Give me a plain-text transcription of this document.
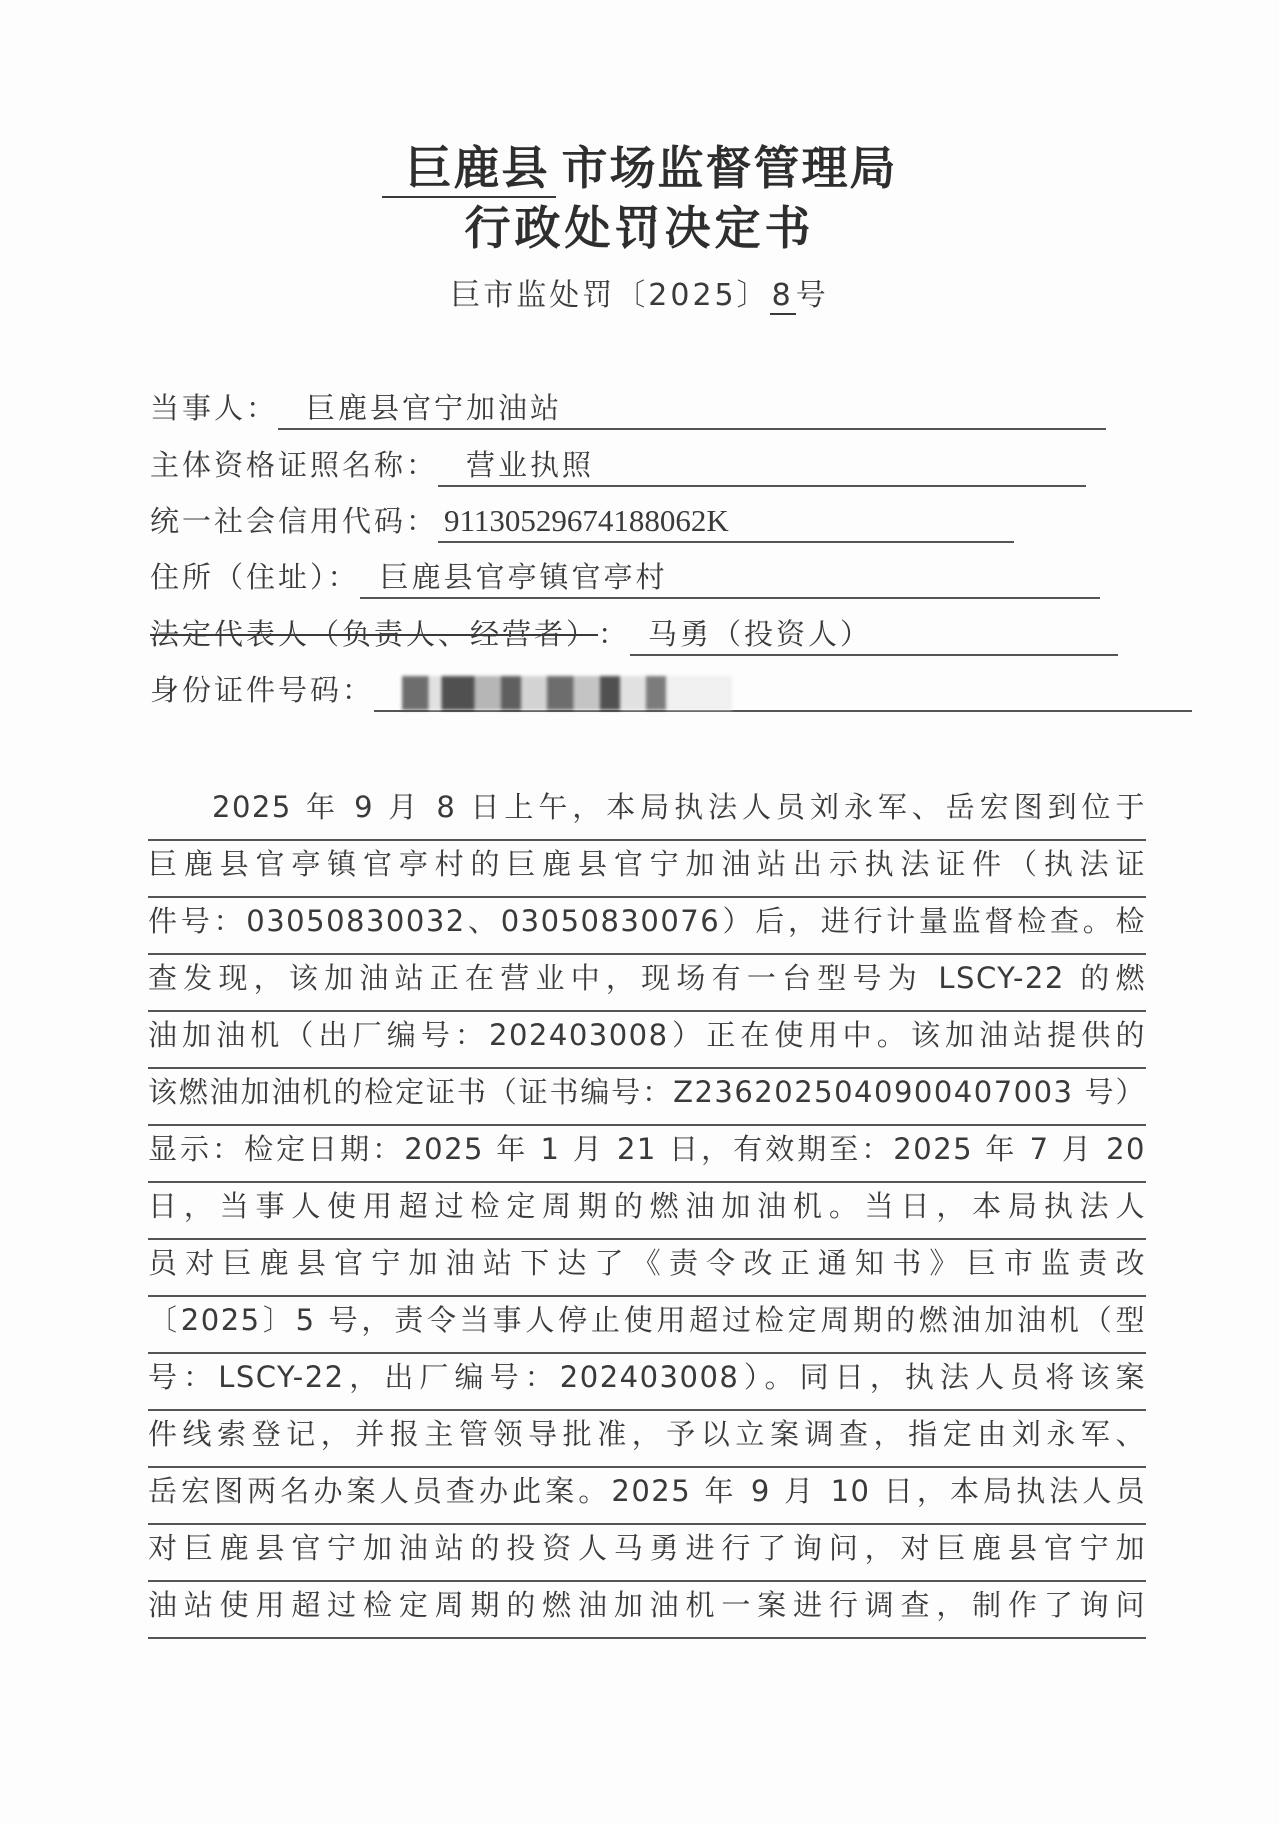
巨鹿县 市场监督管理局
行政处罚决定书
巨市监处罚〔2025〕8号
当事人： 巨鹿县官宁加油站
主体资格证照名称： 营业执照
统一社会信用代码： 91130529674188062K
住所（住址）： 巨鹿县官亭镇官亭村
法定代表人（负责人、经营者） ： 马勇（投资人）
身份证件号码：
2025 年 9 月 8 日上午，本局执法人员刘永军、岳宏图到位于
巨鹿县官亭镇官亭村的巨鹿县官宁加油站出示执法证件（执法证
件号：03050830032、03050830076）后，进行计量监督检查。检
查发现，该加油站正在营业中，现场有一台型号为 LSCY-22 的燃
油加油机（出厂编号：202403008）正在使用中。该加油站提供的
该燃油加油机的检定证书（证书编号：Z2362025040900407003 号）
显示：检定日期：2025 年 1 月 21 日，有效期至：2025 年 7 月 20
日，当事人使用超过检定周期的燃油加油机。当日，本局执法人
员对巨鹿县官宁加油站下达了《责令改正通知书》巨市监责改
〔2025〕5 号，责令当事人停止使用超过检定周期的燃油加油机（型
号：LSCY-22，出厂编号：202403008）。同日，执法人员将该案
件线索登记，并报主管领导批准，予以立案调查，指定由刘永军、
岳宏图两名办案人员查办此案。2025 年 9 月 10 日，本局执法人员
对巨鹿县官宁加油站的投资人马勇进行了询问，对巨鹿县官宁加
油站使用超过检定周期的燃油加油机一案进行调查，制作了询问
